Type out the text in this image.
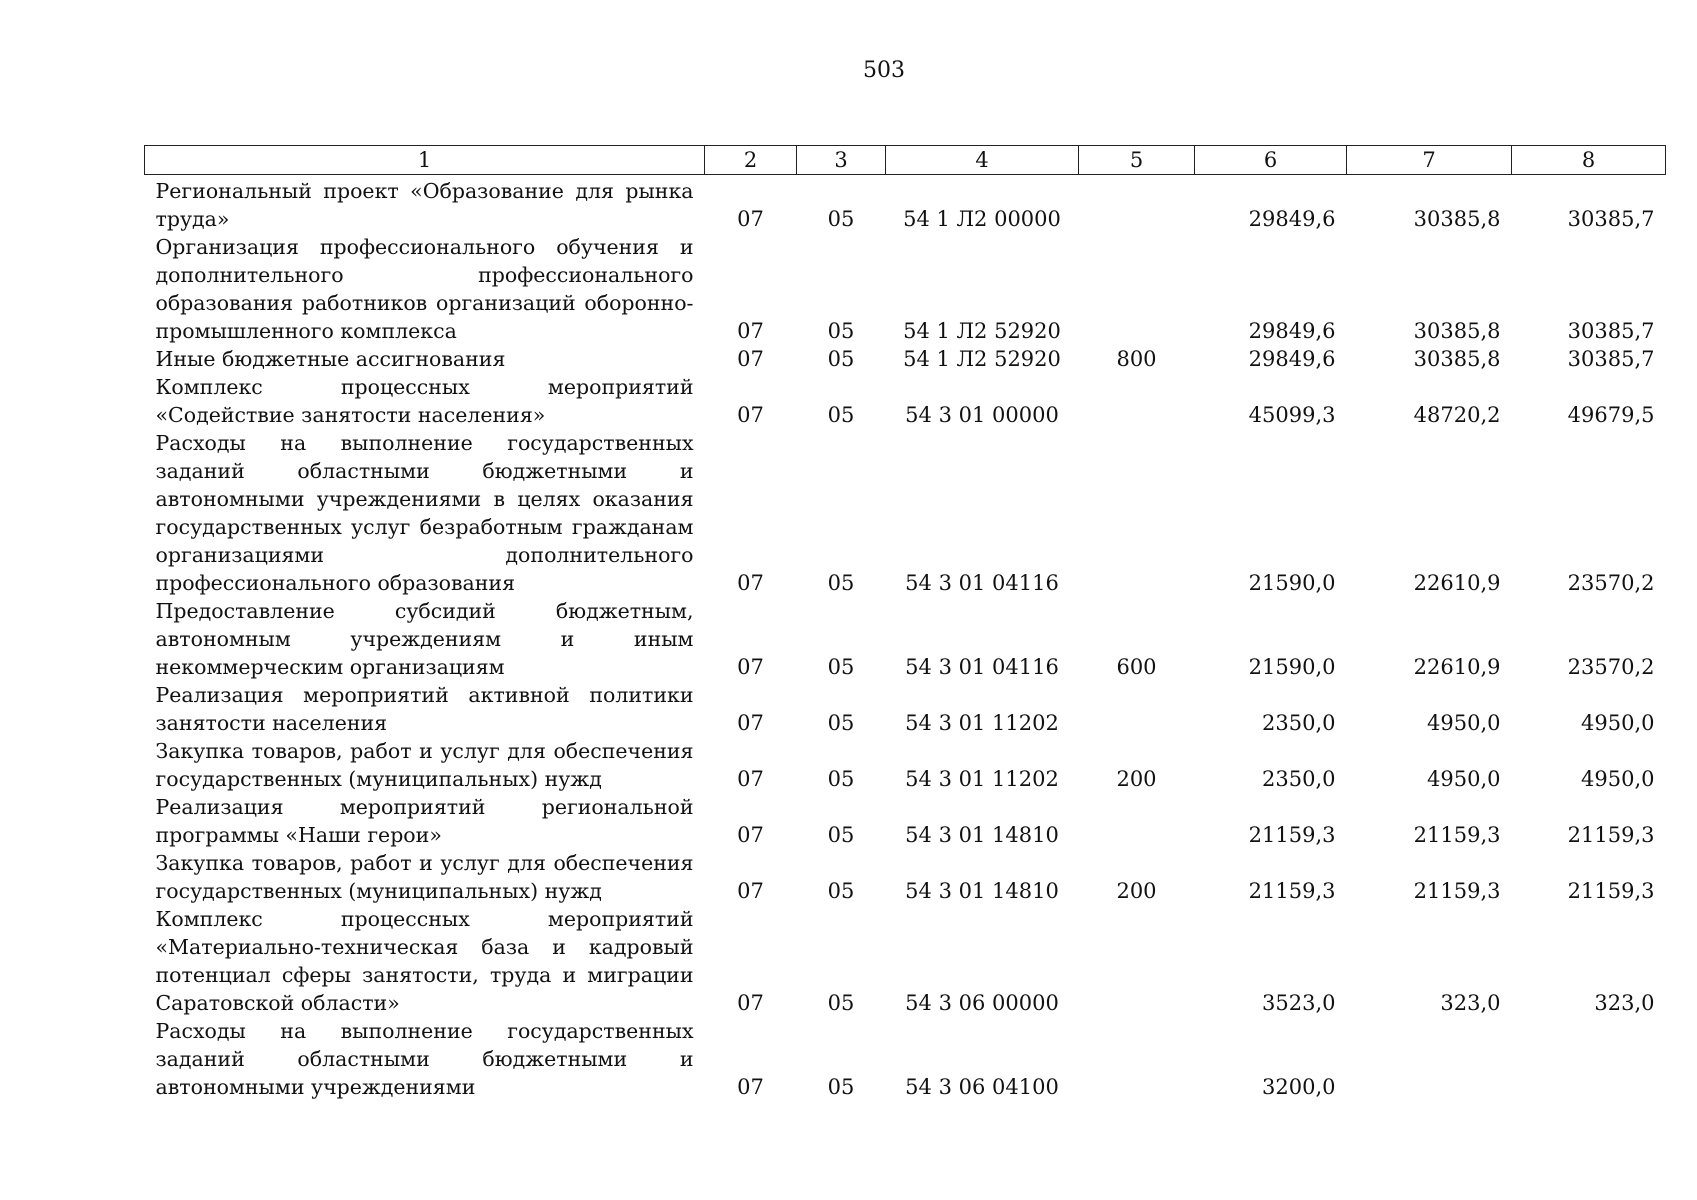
503
1	2	3	4	5	6	7	8
Региональный проект «Образование для рынка труда»	07	05	54 1 Л2 00000		29849,6	30385,8	30385,7
Организация профессионального обучения и дополнительного профессионального образования работников организаций оборонно-промышленного комплекса	07	05	54 1 Л2 52920		29849,6	30385,8	30385,7
Иные бюджетные ассигнования	07	05	54 1 Л2 52920	800	29849,6	30385,8	30385,7
Комплекс процессных мероприятий «Содействие занятости населения»	07	05	54 3 01 00000		45099,3	48720,2	49679,5
Расходы на выполнение государственных заданий областными бюджетными и автономными учреждениями в целях оказания государственных услуг безработным гражданам организациями дополнительного профессионального образования	07	05	54 3 01 04116		21590,0	22610,9	23570,2
Предоставление субсидий бюджетным, автономным учреждениям и иным некоммерческим организациям	07	05	54 3 01 04116	600	21590,0	22610,9	23570,2
Реализация мероприятий активной политики занятости населения	07	05	54 3 01 11202		2350,0	4950,0	4950,0
Закупка товаров, работ и услуг для обеспечения государственных (муниципальных) нужд	07	05	54 3 01 11202	200	2350,0	4950,0	4950,0
Реализация мероприятий региональной программы «Наши герои»	07	05	54 3 01 14810		21159,3	21159,3	21159,3
Закупка товаров, работ и услуг для обеспечения государственных (муниципальных) нужд	07	05	54 3 01 14810	200	21159,3	21159,3	21159,3
Комплекс процессных мероприятий «Материально-техническая база и кадровый потенциал сферы занятости, труда и миграции Саратовской области»	07	05	54 3 06 00000		3523,0	323,0	323,0
Расходы на выполнение государственных заданий областными бюджетными и автономными учреждениями	07	05	54 3 06 04100		3200,0		
